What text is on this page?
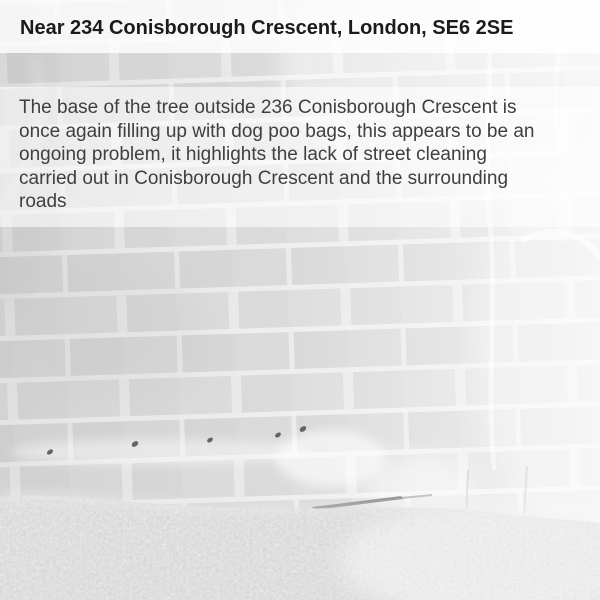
Near 234 Conisborough Crescent, London, SE6 2SE
The base of the tree outside 236 Conisborough Crescent is
once again filling up with dog poo bags, this appears to be an
ongoing problem, it highlights the lack of street cleaning
carried out in Conisborough Crescent and the surrounding
roads
